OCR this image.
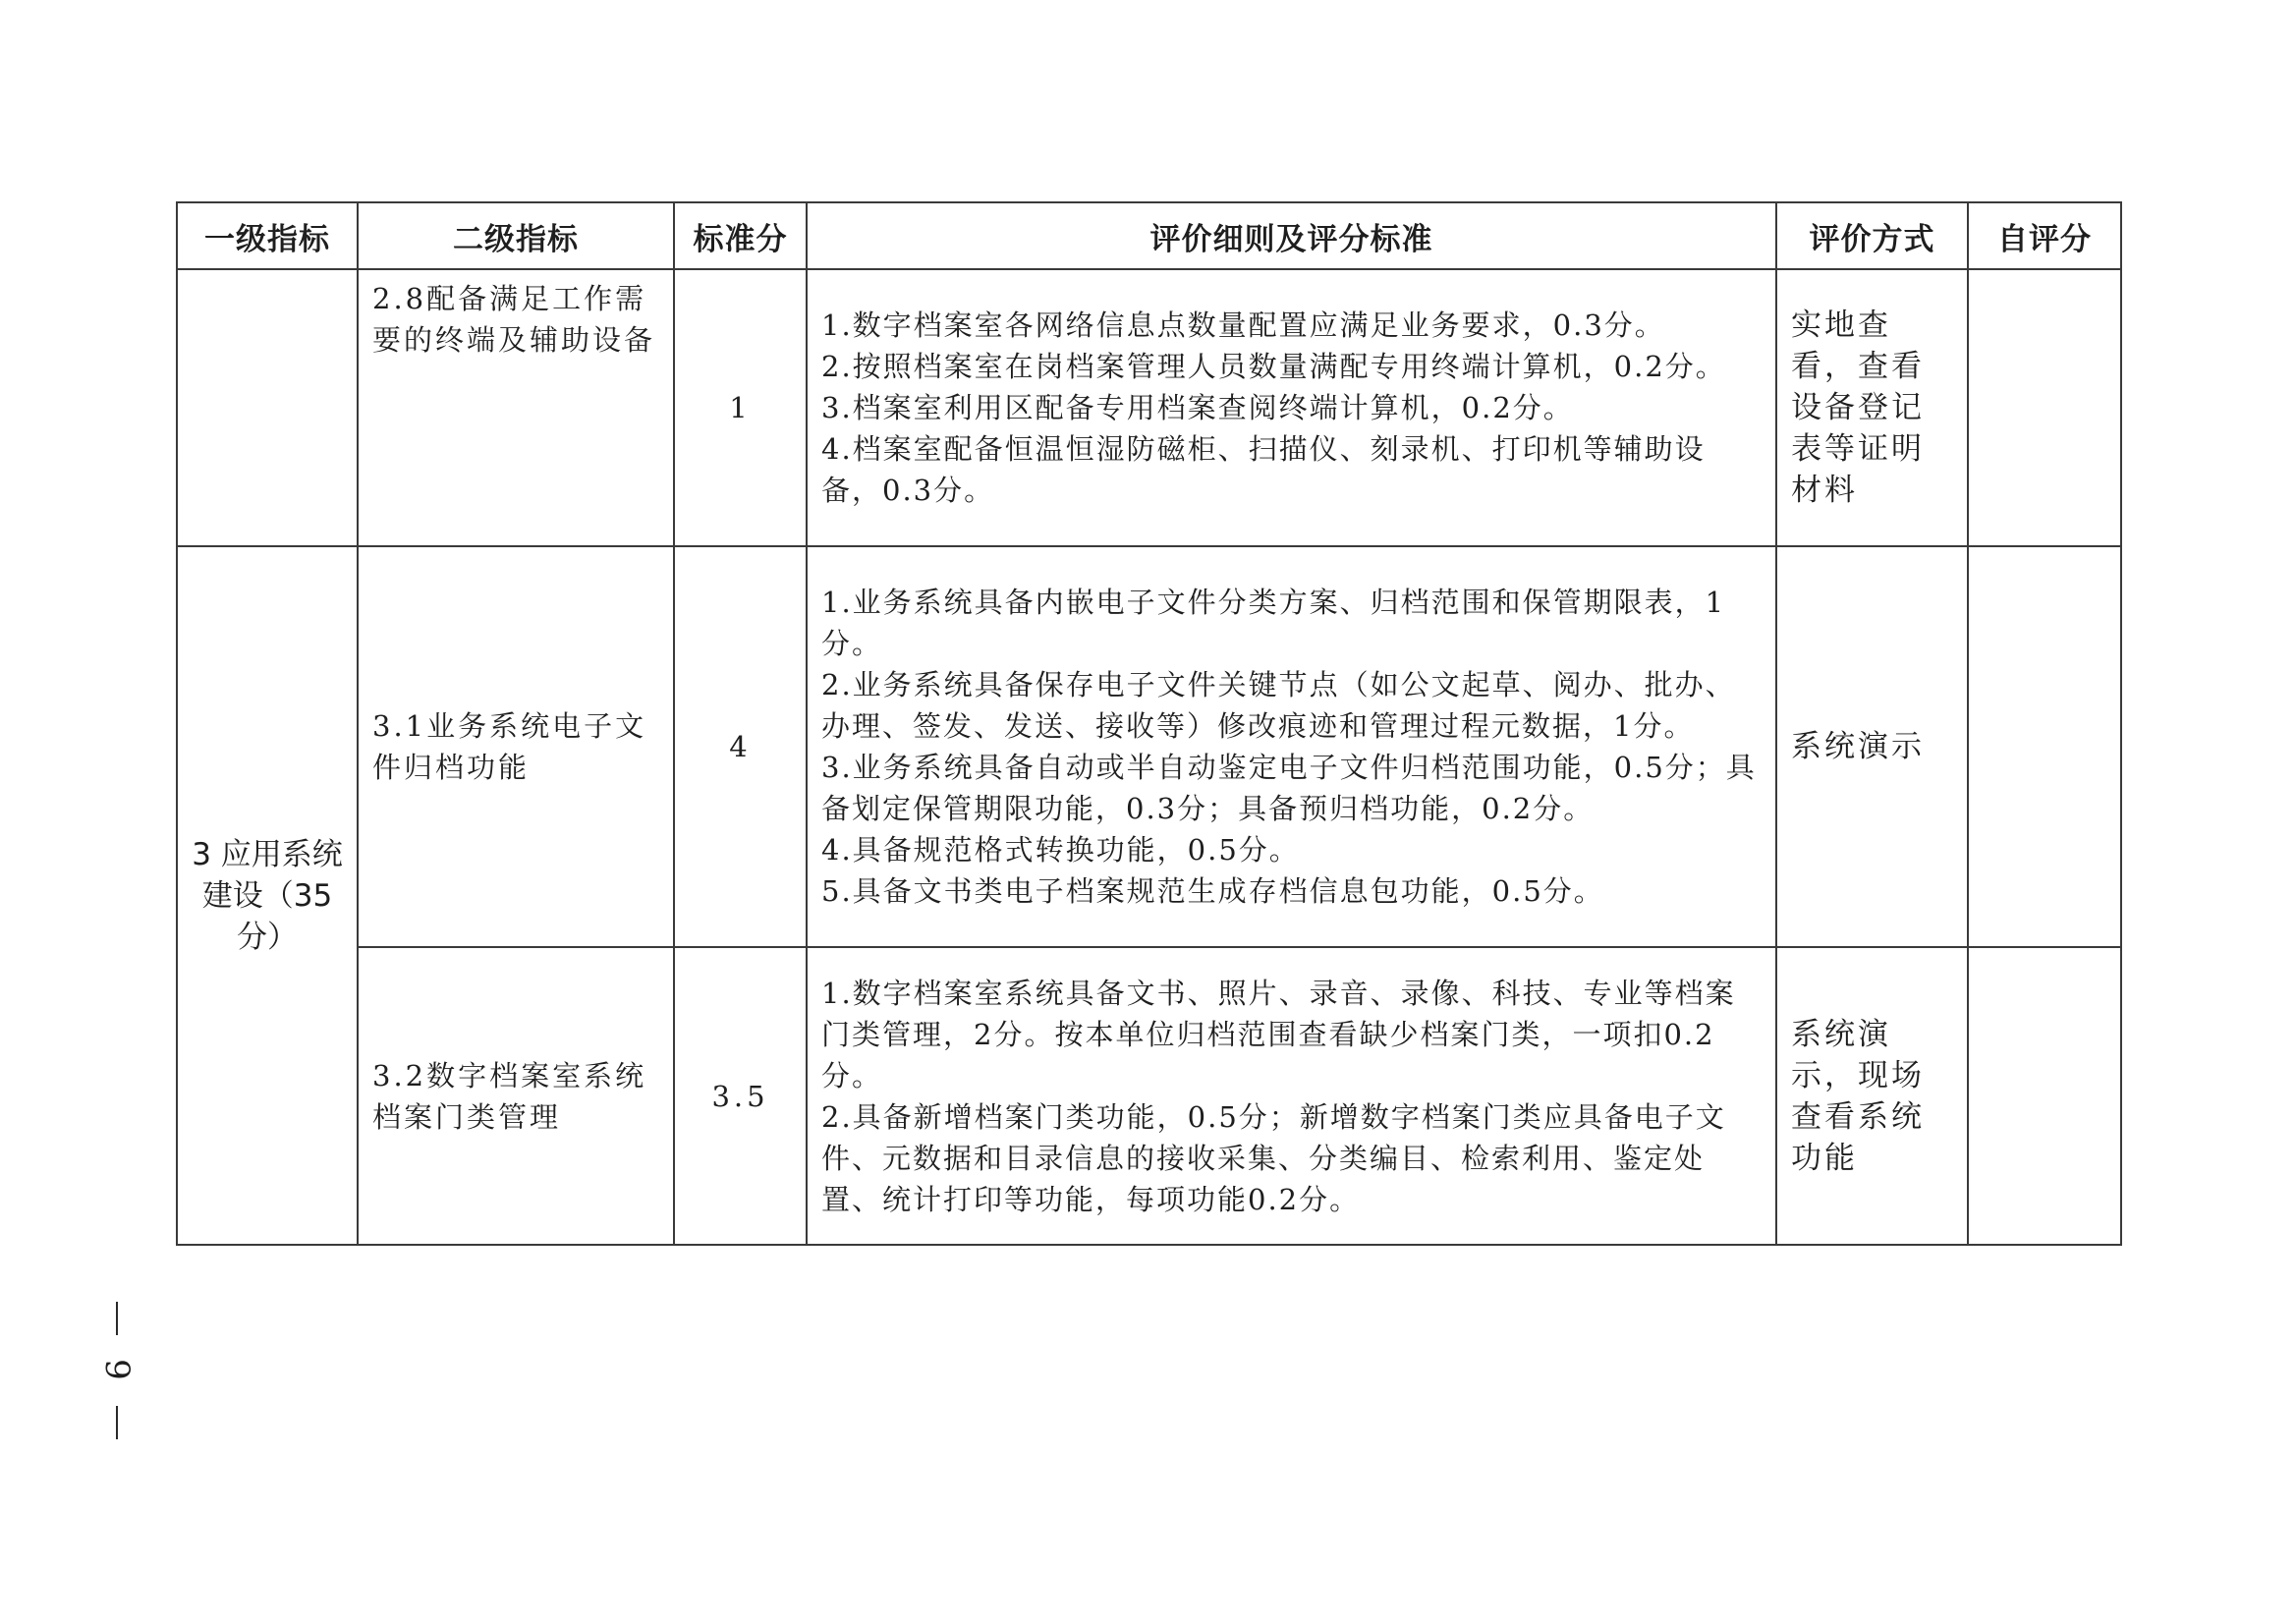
一级指标	二级指标	标准分	评价细则及评分标准	评价方式	自评分
	2.8配备满足工作需要的终端及辅助设备	1	1.数字档案室各网络信息点数量配置应满足业务要求，0.3分。
2.按照档案室在岗档案管理人员数量满配专用终端计算机，0.2分。
3.档案室利用区配备专用档案查阅终端计算机，0.2分。
4.档案室配备恒温恒湿防磁柜、扫描仪、刻录机、打印机等辅助设备，0.3分。	实地查看，查看设备登记表等证明材料	
3 应用系统建设（35分）	3.1业务系统电子文件归档功能	4	1.业务系统具备内嵌电子文件分类方案、归档范围和保管期限表，1分。
2.业务系统具备保存电子文件关键节点（如公文起草、阅办、批办、办理、签发、发送、接收等）修改痕迹和管理过程元数据，1分。
3.业务系统具备自动或半自动鉴定电子文件归档范围功能，0.5分；具备划定保管期限功能，0.3分；具备预归档功能，0.2分。
4.具备规范格式转换功能，0.5分。
5.具备文书类电子档案规范生成存档信息包功能，0.5分。	系统演示	
	3.2数字档案室系统档案门类管理	3.5	1.数字档案室系统具备文书、照片、录音、录像、科技、专业等档案门类管理，2分。按本单位归档范围查看缺少档案门类，一项扣0.2分。
2.具备新增档案门类功能，0.5分；新增数字档案门类应具备电子文件、元数据和目录信息的接收采集、分类编目、检索利用、鉴定处置、统计打印等功能，每项功能0.2分。	系统演示，现场查看系统功能	
9
